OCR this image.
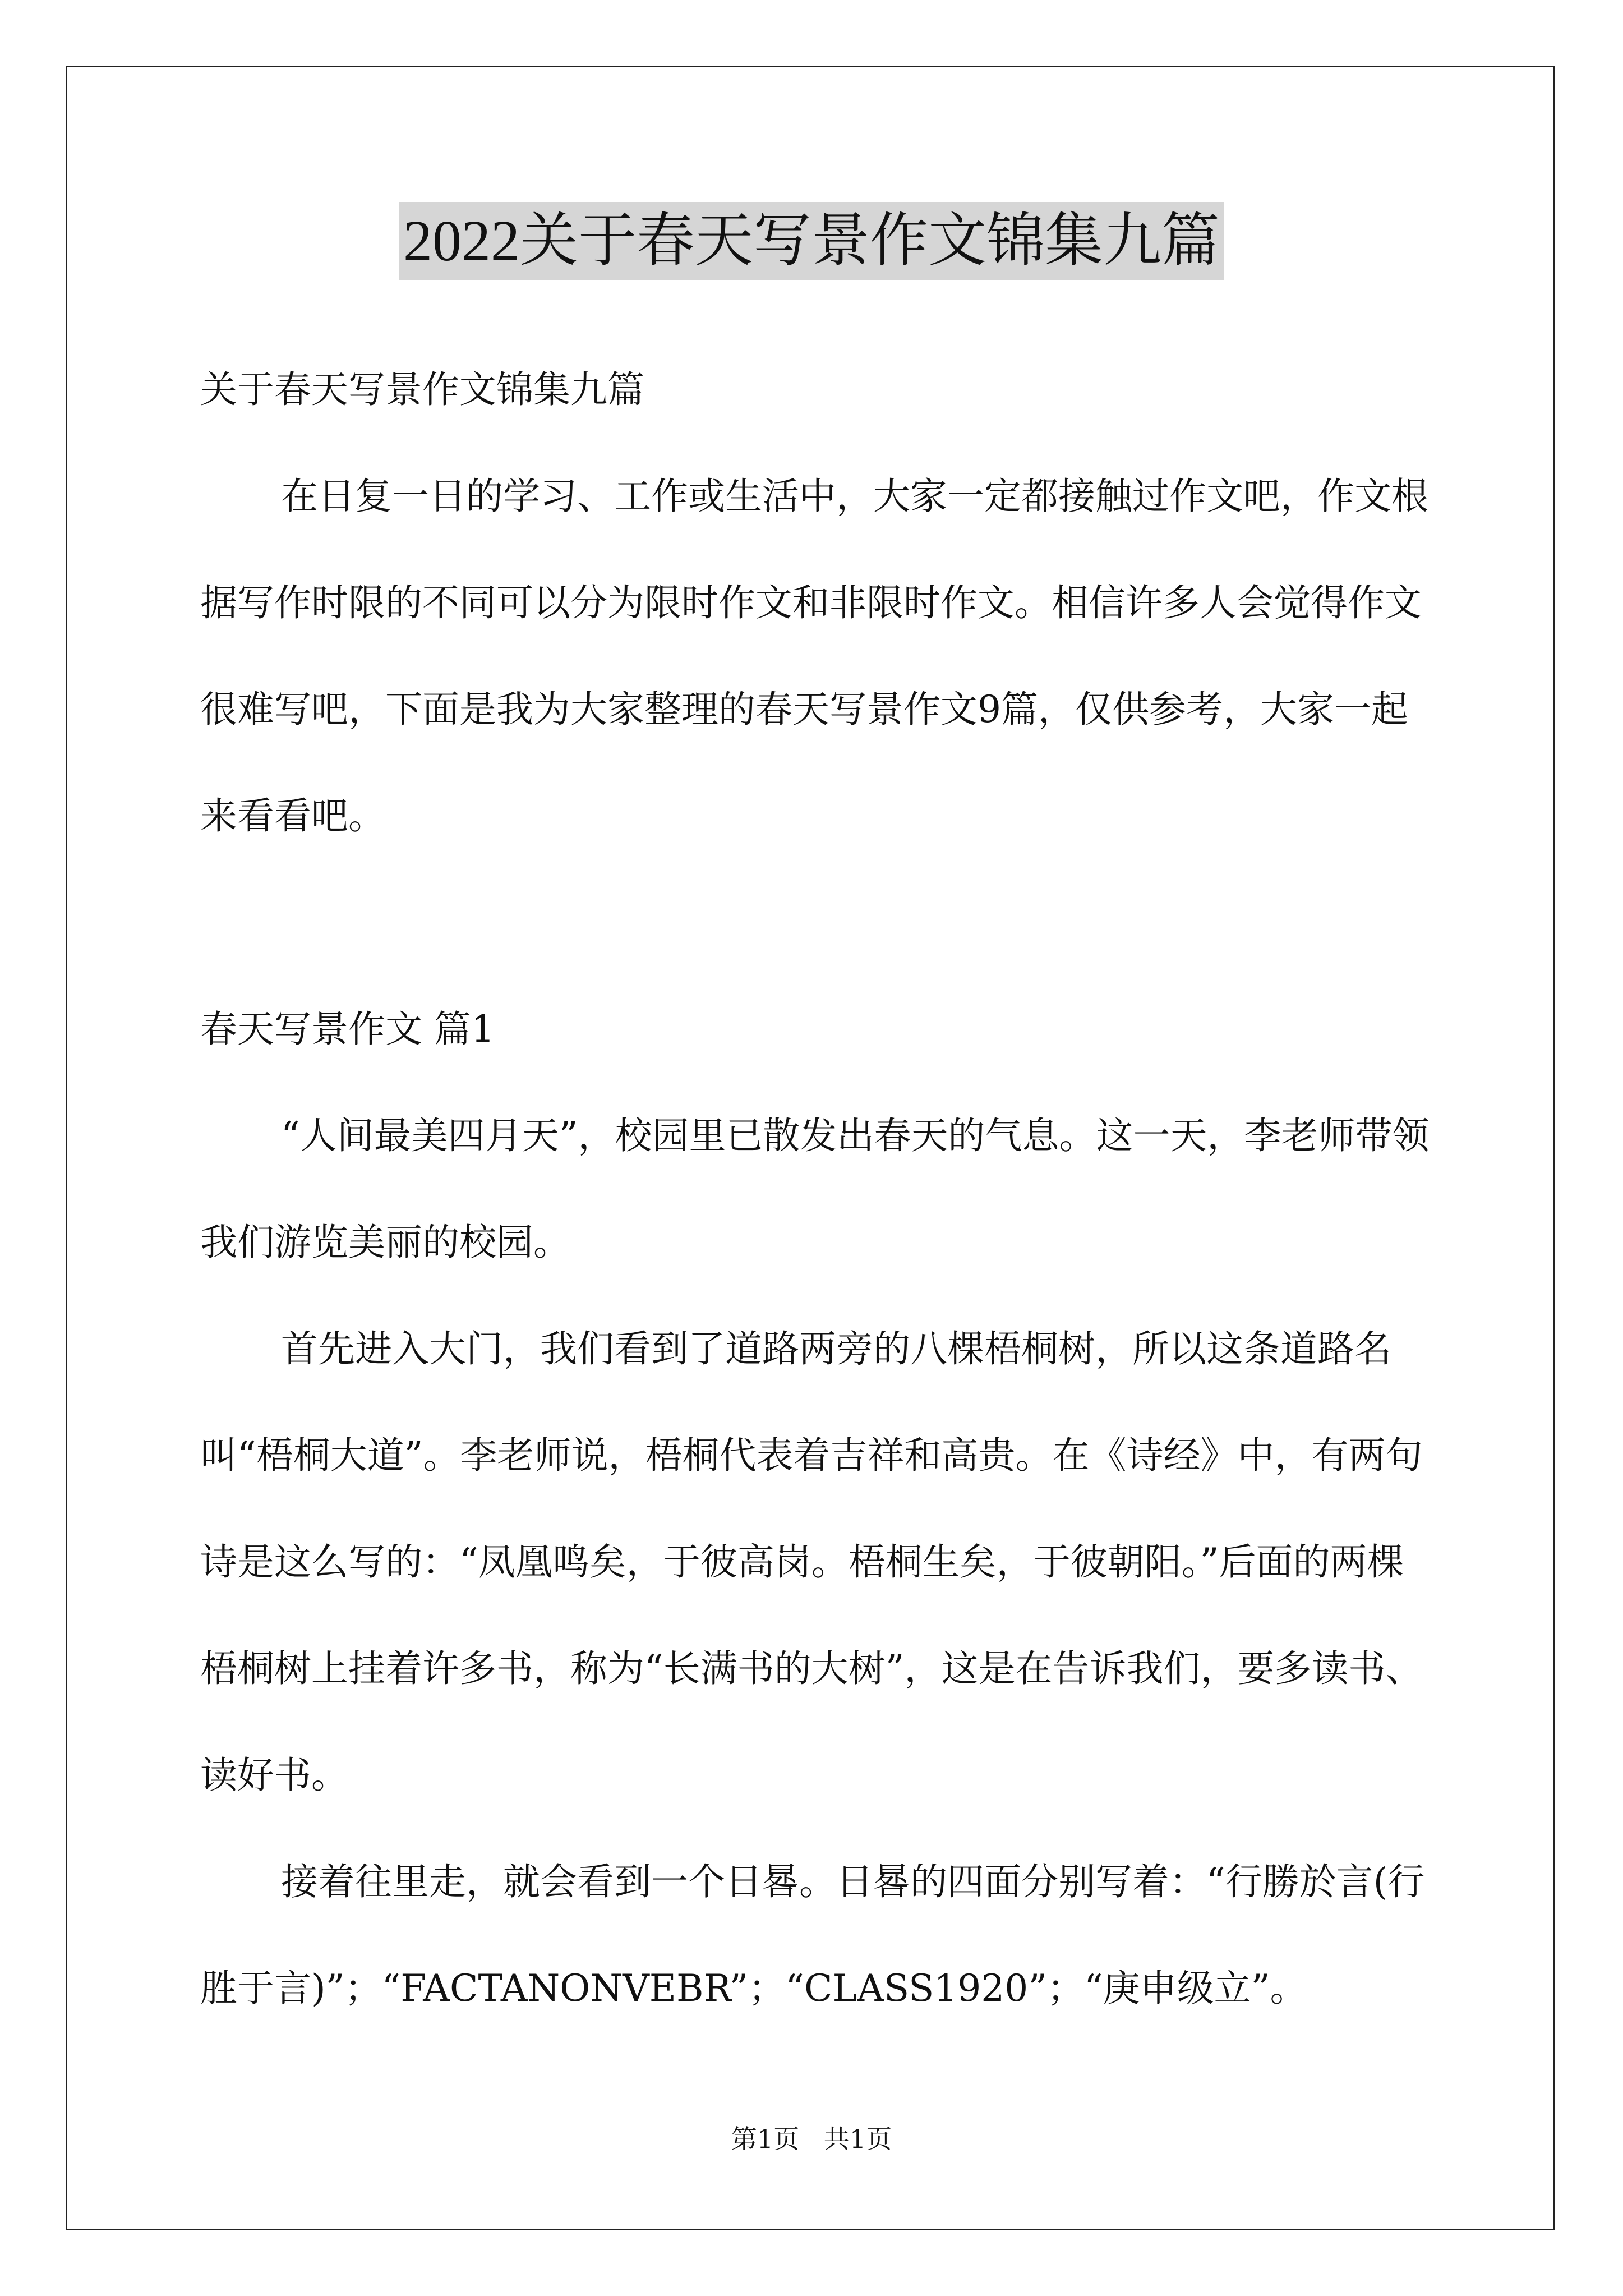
2022关于春天写景作文锦集九篇

关于春天写景作文锦集九篇

在日复一日的学习、工作或生活中，大家一定都接触过作文吧，作文根据写作时限的不同可以分为限时作文和非限时作文。相信许多人会觉得作文很难写吧，下面是我为大家整理的春天写景作文9篇，仅供参考，大家一起来看看吧。

春天写景作文 篇1

“人间最美四月天”，校园里已散发出春天的气息。这一天，李老师带领我们游览美丽的校园。

首先进入大门，我们看到了道路两旁的八棵梧桐树，所以这条道路名叫“梧桐大道”。李老师说，梧桐代表着吉祥和高贵。在《诗经》中，有两句诗是这么写的：“凤凰鸣矣，于彼高岗。梧桐生矣，于彼朝阳。”后面的两棵梧桐树上挂着许多书，称为“长满书的大树”，这是在告诉我们，要多读书、读好书。

接着往里走，就会看到一个日晷。日晷的四面分别写着：“行勝於言(行胜于言)”；“FACTANONVEBR”；“CLASS1920”；“庚申级立”。

第1页   共1页
